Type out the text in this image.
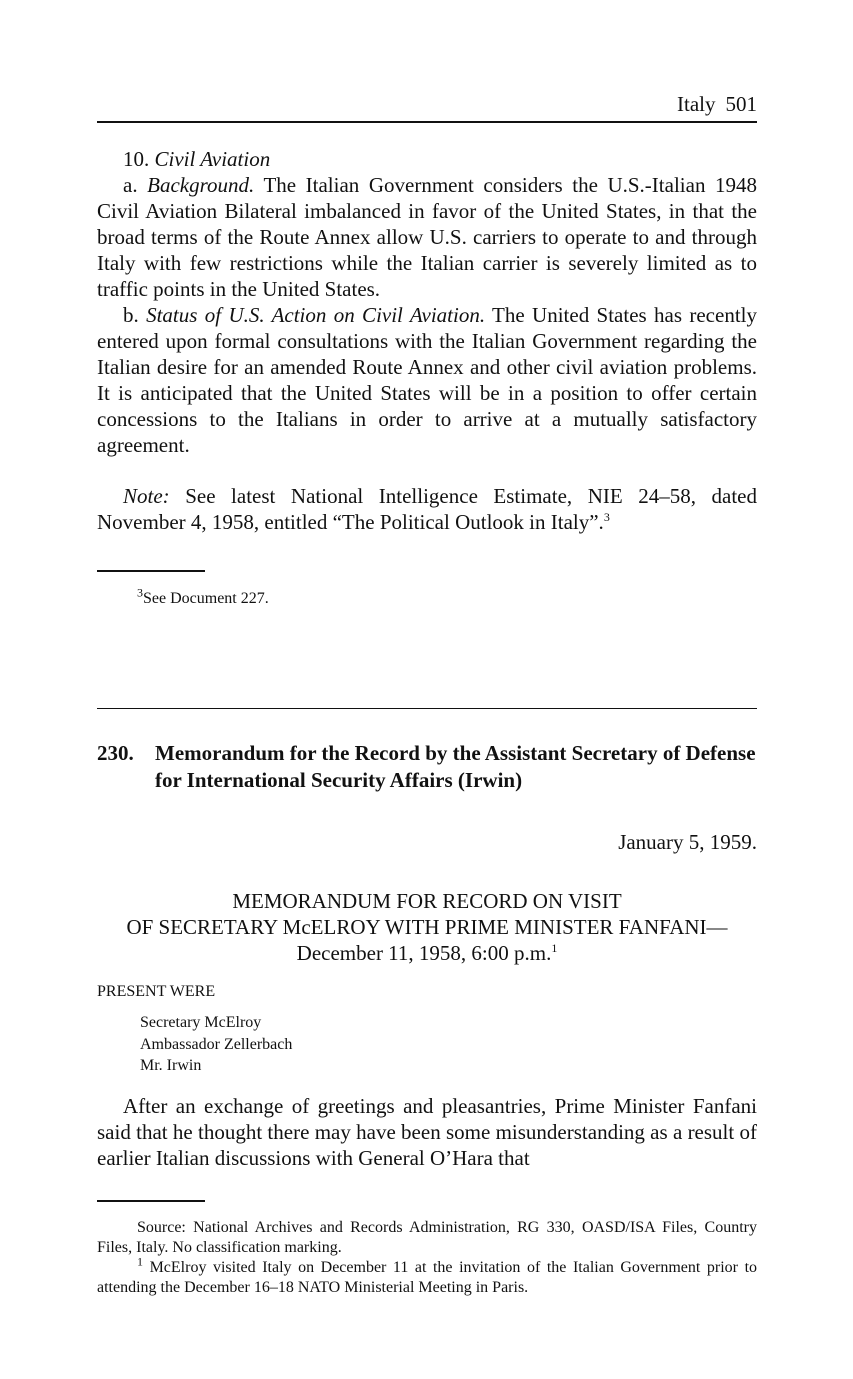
Italy 501

10. Civil Aviation

a. Background. The Italian Government considers the U.S.-Italian 1948 Civil Aviation Bilateral imbalanced in favor of the United States, in that the broad terms of the Route Annex allow U.S. carriers to operate to and through Italy with few restrictions while the Italian carrier is severely limited as to traffic points in the United States.

b. Status of U.S. Action on Civil Aviation. The United States has recently entered upon formal consultations with the Italian Government regarding the Italian desire for an amended Route Annex and other civil aviation problems. It is anticipated that the United States will be in a position to offer certain concessions to the Italians in order to arrive at a mutually satisfactory agreement.

Note: See latest National Intelligence Estimate, NIE 24–58, dated November 4, 1958, entitled “The Political Outlook in Italy”.$^3$

$^3$See Document 227.

230. Memorandum for the Record by the Assistant Secretary of Defense for International Security Affairs (Irwin)
January 5, 1959.
MEMORANDUM FOR RECORD ON VISIT
OF SECRETARY McELROY WITH PRIME MINISTER FANFANI—
December 11, 1958, 6:00 p.m.$^1$
PRESENT WERE
Secretary McElroy
Ambassador Zellerbach
Mr. Irwin

After an exchange of greetings and pleasantries, Prime Minister Fanfani said that he thought there may have been some misunderstanding as a result of earlier Italian discussions with General O’Hara that

Source: National Archives and Records Administration, RG 330, OASD/ISA Files, Country Files, Italy. No classification marking.

$^1$ McElroy visited Italy on December 11 at the invitation of the Italian Government prior to attending the December 16–18 NATO Ministerial Meeting in Paris.
